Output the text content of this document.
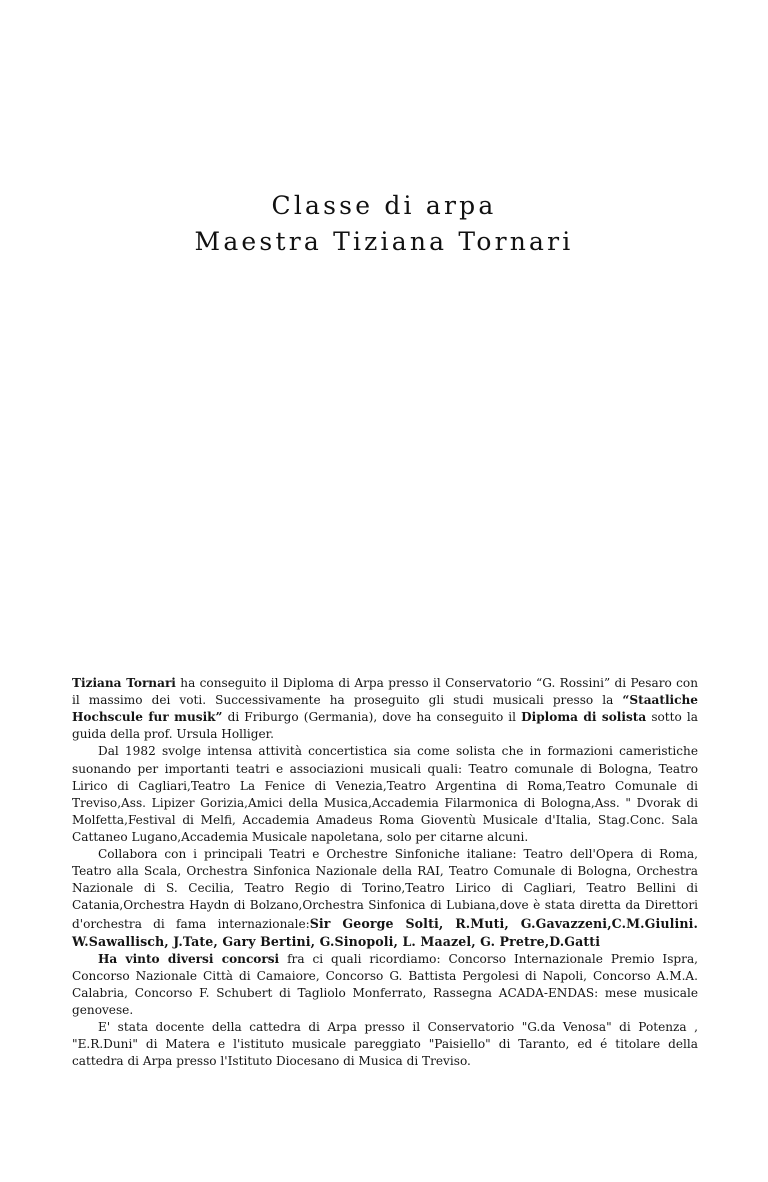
Classe di arpa
Maestra Tiziana Tornari

Tiziana Tornari ha conseguito il Diploma di Arpa presso il Conservatorio “G. Rossini” di Pesaro con il massimo dei voti. Successivamente ha proseguito gli studi musicali presso la “Staatliche Hochscule fur musik” di Friburgo (Germania), dove ha conseguito il Diploma di solista sotto la guida della prof. Ursula Holliger.

Dal 1982 svolge intensa attività concertistica sia come solista che in formazioni cameristiche suonando per importanti teatri e associazioni musicali quali: Teatro comunale di Bologna, Teatro Lirico di Cagliari,Teatro La Fenice di Venezia,Teatro Argentina di Roma,Teatro Comunale di Treviso,Ass. Lipizer Gorizia,Amici della Musica,Accademia Filarmonica di Bologna,Ass. " Dvorak di Molfetta,Festival di Melfi, Accademia Amadeus Roma Gioventù Musicale d'Italia, Stag.Conc. Sala Cattaneo Lugano,Accademia Musicale napoletana, solo per citarne alcuni.

Collabora con i principali Teatri e Orchestre Sinfoniche italiane: Teatro dell'Opera di Roma, Teatro alla Scala, Orchestra Sinfonica Nazionale della RAI, Teatro Comunale di Bologna, Orchestra Nazionale di S. Cecilia, Teatro Regio di Torino,Teatro Lirico di Cagliari, Teatro Bellini di Catania,Orchestra Haydn di Bolzano,Orchestra Sinfonica di Lubiana,dove è stata diretta da Direttori d'orchestra di fama internazionale:Sir George Solti, R.Muti, G.Gavazzeni,C.M.Giulini. W.Sawallisch, J.Tate, Gary Bertini, G.Sinopoli, L. Maazel, G. Pretre,D.Gatti

Ha vinto diversi concorsi fra ci quali ricordiamo: Concorso Internazionale Premio Ispra, Concorso Nazionale Città di Camaiore, Concorso G. Battista Pergolesi di Napoli, Concorso A.M.A. Calabria, Concorso F. Schubert di Tagliolo Monferrato, Rassegna ACADA-ENDAS: mese musicale genovese.

E' stata docente della cattedra di Arpa presso il Conservatorio "G.da Venosa" di Potenza , "E.R.Duni" di Matera e l'istituto musicale pareggiato "Paisiello" di Taranto, ed é titolare della cattedra di Arpa presso l'Istituto Diocesano di Musica di Treviso.
